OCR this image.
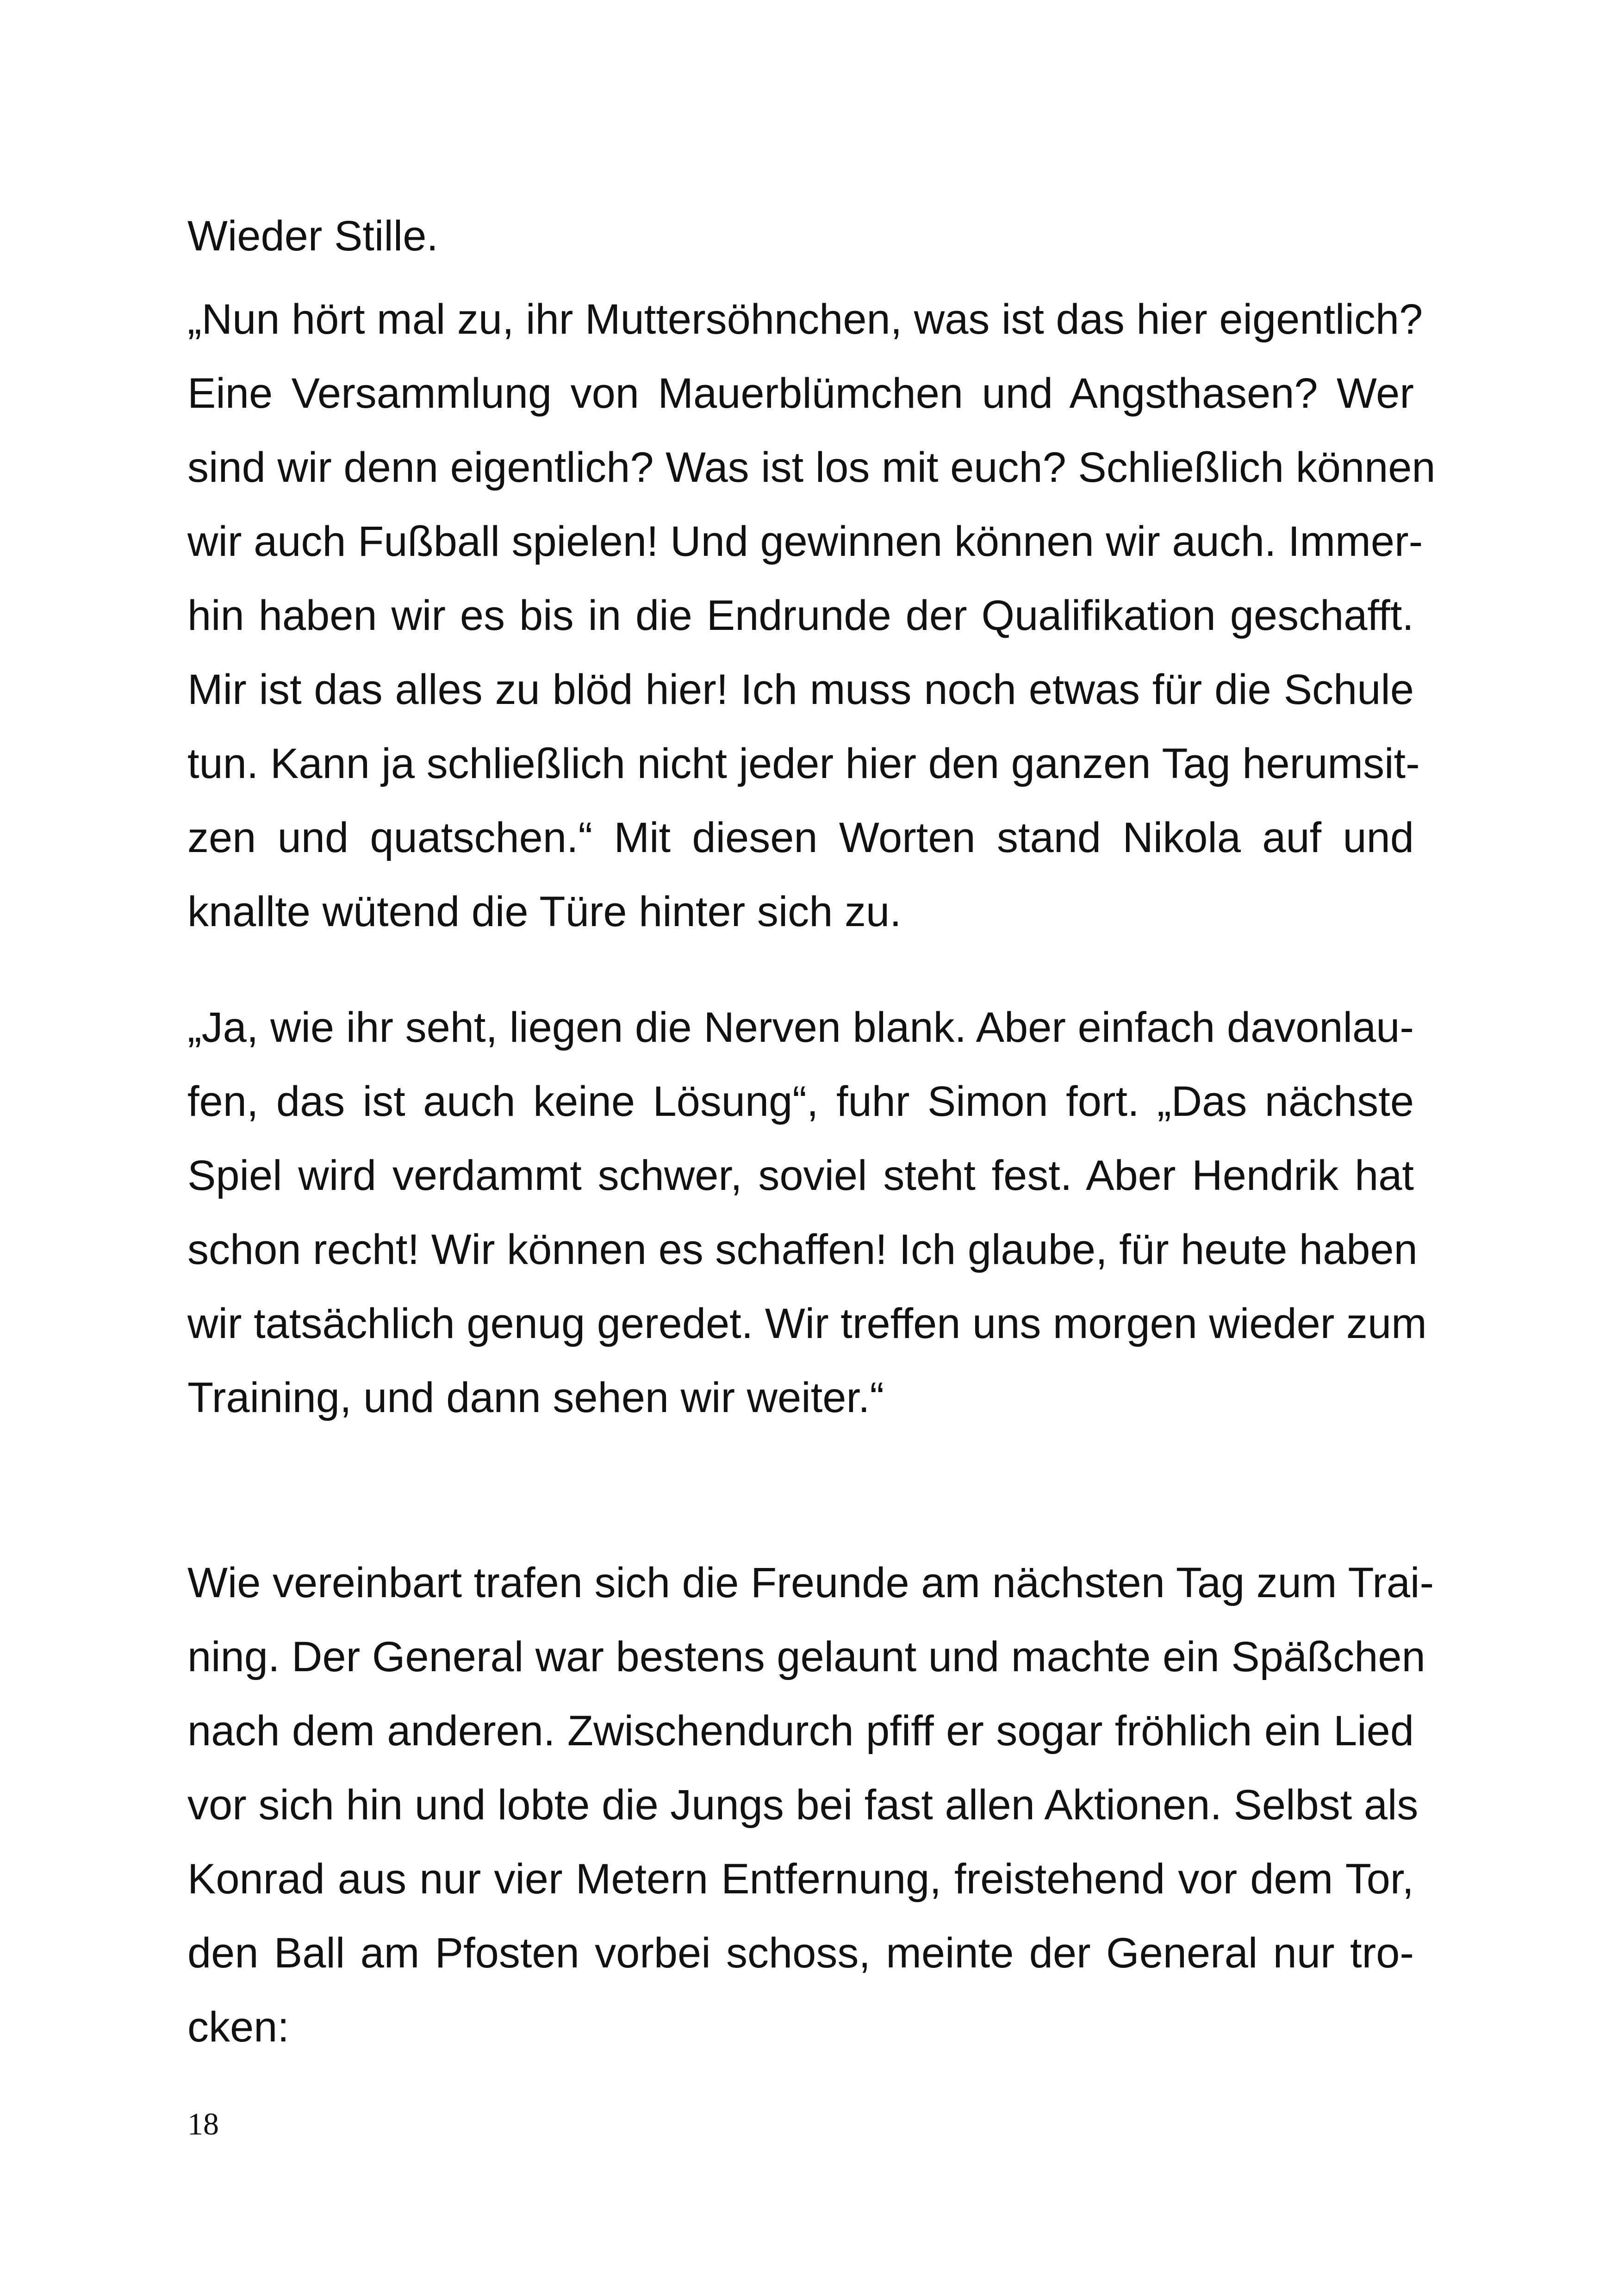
Wieder Stille.
„Nun hört mal zu, ihr Muttersöhnchen, was ist das hier eigentlich?
Eine Versammlung von Mauerblümchen und Angsthasen? Wer
sind wir denn eigentlich? Was ist los mit euch? Schließlich können
wir auch Fußball spielen! Und gewinnen können wir auch. Immer-
hin haben wir es bis in die Endrunde der Qualifikation geschafft.
Mir ist das alles zu blöd hier! Ich muss noch etwas für die Schule
tun. Kann ja schließlich nicht jeder hier den ganzen Tag herumsit-
zen und quatschen.“ Mit diesen Worten stand Nikola auf und
knallte wütend die Türe hinter sich zu.
„Ja, wie ihr seht, liegen die Nerven blank. Aber einfach davonlau-
fen, das ist auch keine Lösung“, fuhr Simon fort. „Das nächste
Spiel wird verdammt schwer, soviel steht fest. Aber Hendrik hat
schon recht! Wir können es schaffen! Ich glaube, für heute haben
wir tatsächlich genug geredet. Wir treffen uns morgen wieder zum
Training, und dann sehen wir weiter.“
Wie vereinbart trafen sich die Freunde am nächsten Tag zum Trai-
ning. Der General war bestens gelaunt und machte ein Späßchen
nach dem anderen. Zwischendurch pfiff er sogar fröhlich ein Lied
vor sich hin und lobte die Jungs bei fast allen Aktionen. Selbst als
Konrad aus nur vier Metern Entfernung, freistehend vor dem Tor,
den Ball am Pfosten vorbei schoss, meinte der General nur tro-
cken:
18
